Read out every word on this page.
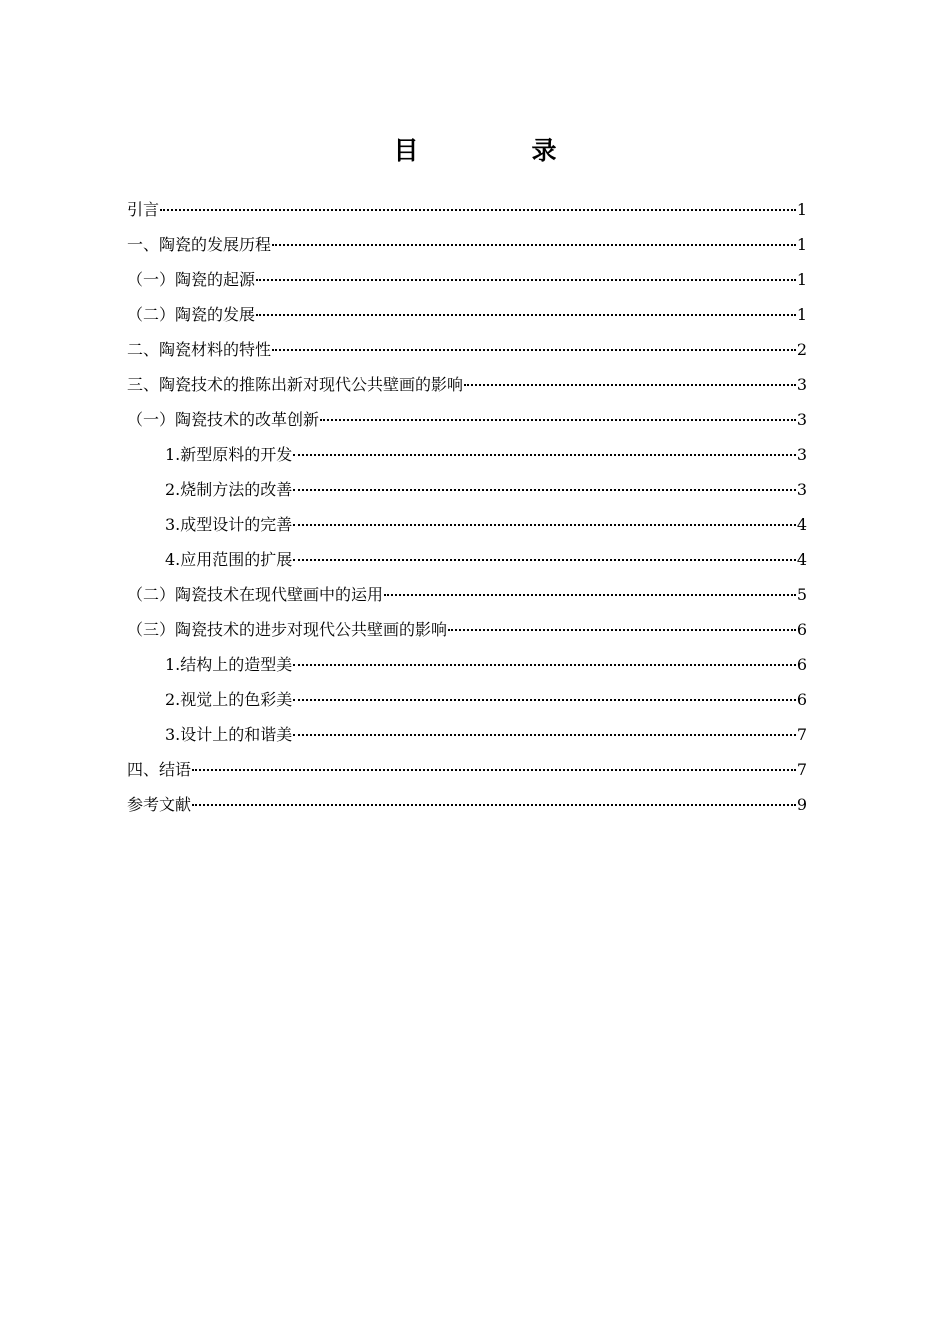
目　录
引言	1
一、陶瓷的发展历程	1
（一）陶瓷的起源	1
（二）陶瓷的发展	1
二、陶瓷材料的特性	2
三、陶瓷技术的推陈出新对现代公共壁画的影响	3
（一）陶瓷技术的改革创新	3
1.新型原料的开发	3
2.烧制方法的改善	3
3.成型设计的完善	4
4.应用范围的扩展	4
（二）陶瓷技术在现代壁画中的运用	5
（三）陶瓷技术的进步对现代公共壁画的影响	6
1.结构上的造型美	6
2.视觉上的色彩美	6
3.设计上的和谐美	7
四、结语	7
参考文献	9
